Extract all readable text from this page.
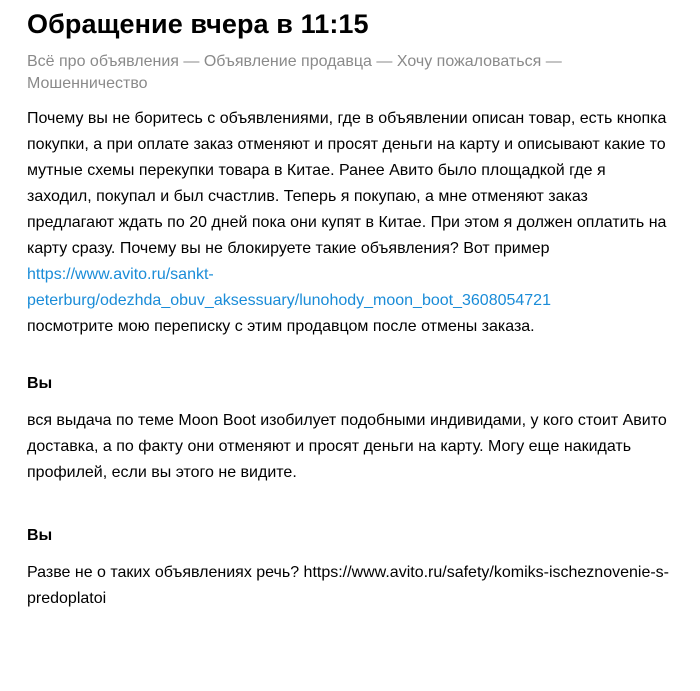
Обращение вчера в 11:15
Всё про объявления — Объявление продавца — Хочу пожаловаться — Мошенничество

Почему вы не боритесь с объявлениями, где в объявлении описан товар, есть кнопка покупки, а при оплате заказ отменяют и просят деньги на карту и описывают какие то мутные схемы перекупки товара в Китае. Ранее Авито было площадкой где я заходил, покупал и был счастлив. Теперь я покупаю, а мне отменяют заказ предлагают ждать по 20 дней пока они купят в Китае. При этом я должен оплатить на карту сразу. Почему вы не блокируете такие объявления? Вот пример
https://www.avito.ru/sankt-
peterburg/odezhda_obuv_aksessuary/lunohody_moon_boot_3608054721
посмотрите мою переписку с этим продавцом после отмены заказа.

Вы
вся выдача по теме Moon Boot изобилует подобными индивидами, у кого стоит Авито доставка, а по факту они отменяют и просят деньги на карту. Могу еще накидать профилей, если вы этого не видите.
Вы
Разве не о таких объявлениях речь? https://www.avito.ru/safety/komiks-ischeznovenie-s-predoplatoi
